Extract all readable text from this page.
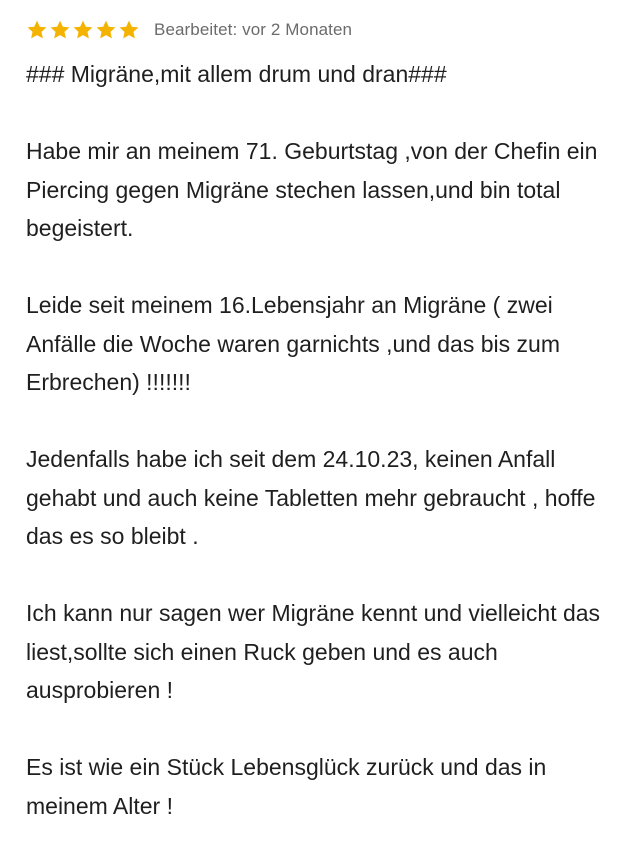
Bearbeitet: vor 2 Monaten

### Migräne,mit allem drum und dran###

Habe mir an meinem 71. Geburtstag ,von der Chefin ein Piercing gegen Migräne stechen lassen,und bin total begeistert.

Leide seit meinem 16.Lebensjahr an Migräne ( zwei Anfälle die Woche waren garnichts ,und das bis zum Erbrechen) !!!!!!!

Jedenfalls habe ich seit dem 24.10.23, keinen Anfall gehabt und auch keine Tabletten mehr gebraucht , hoffe das es so bleibt .

Ich kann nur sagen wer Migräne kennt und vielleicht das liest,sollte sich einen Ruck geben und es auch ausprobieren !

Es ist wie ein Stück Lebensglück zurück und das in meinem Alter !
